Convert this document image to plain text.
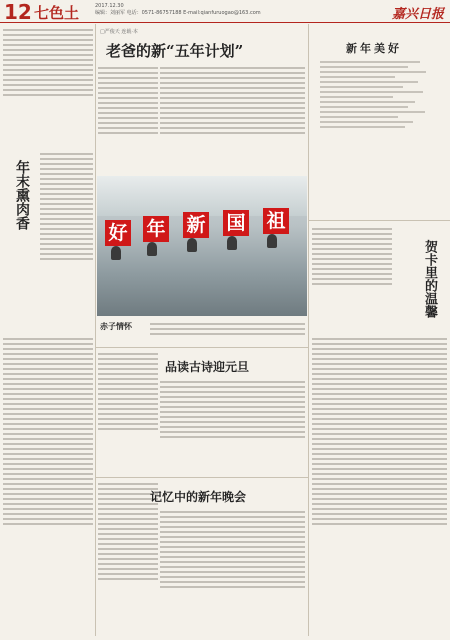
12 七色土	2017.12.30
编辑：刘丽军 电话：0571-86757188 E-mail:qianfuruogao@163.com	嘉兴日报
年末熏肉香
□严俊天 连载·本
老爸的新“五年计划”
好 年 新 国 祖
赤子情怀
品读古诗迎元旦
记忆中的新年晚会
新年美好
贺卡里的温馨
